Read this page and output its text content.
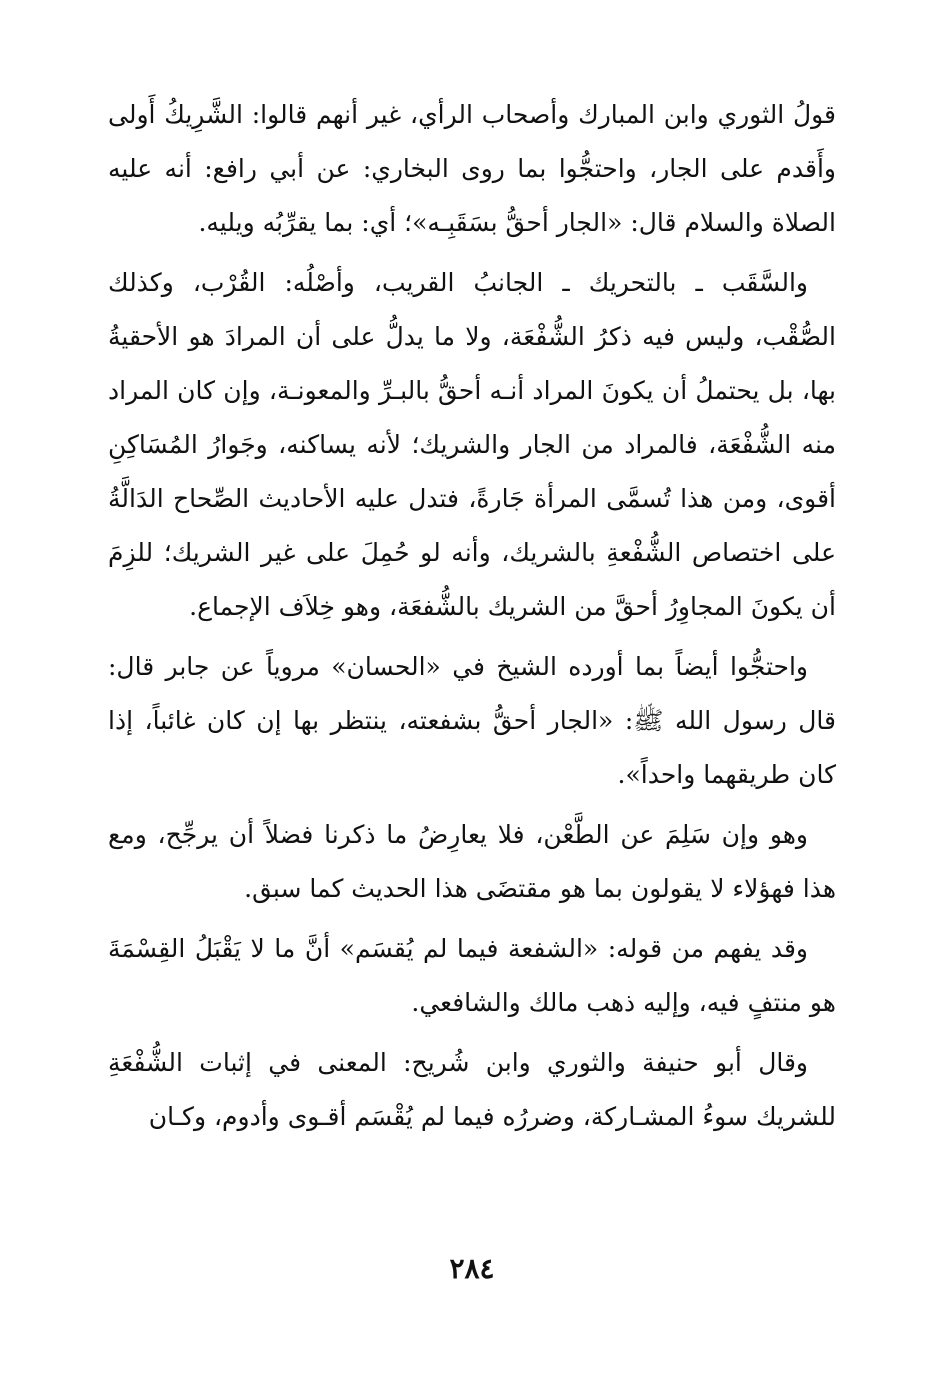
قولُ الثوري وابن المبارك وأصحاب الرأي، غير أنهم قالوا: الشَّرِيكُ أَولى وأَقدم على الجار، واحتجُّوا بما روى البخاري: عن أبي رافع: أنه عليه الصلاة والسلام قال: «الجار أحقُّ بسَقَبِـه»؛ أي: بما يقرِّبُه ويليه.

والسَّقَب ـ بالتحريك ـ الجانبُ القريب، وأصْلُه: القُرْب، وكذلك الصُّقْب، وليس فيه ذكرُ الشُّفْعَة، ولا ما يدلُّ على أن المرادَ هو الأحقيةُ بها، بل يحتملُ أن يكونَ المراد أنـه أحقُّ بالبـرِّ والمعونـة، وإن كان المراد منه الشُّفْعَة، فالمراد من الجار والشريك؛ لأنه يساكنه، وجَوارُ المُسَاكِنِ أقوى، ومن هذا تُسمَّى المرأة جَارةً، فتدل عليه الأحاديث الصِّحاح الدَالَّةُ على اختصاص الشُّفْعةِ بالشريك، وأنه لو حُمِلَ على غير الشريك؛ للزِمَ أن يكونَ المجاوِرُ أحقَّ من الشريك بالشُّفعَة، وهو خِلاَف الإجماع.

واحتجُّوا أيضاً بما أورده الشيخ في «الحسان» مروياً عن جابر قال: قال رسول الله ﷺ: «الجار أحقُّ بشفعته، ينتظر بها إن كان غائباً، إذا كان طريقهما واحداً».

وهو وإن سَلِمَ عن الطَّعْن، فلا يعارِضُ ما ذكرنا فضلاً أن يرجِّح، ومع هذا فهؤلاء لا يقولون بما هو مقتضَى هذا الحديث كما سبق.

وقد يفهم من قوله: «الشفعة فيما لم يُقسَم» أنَّ ما لا يَقْبَلُ القِسْمَةَ هو منتفٍ فيه، وإليه ذهب مالك والشافعي.

وقال أبو حنيفة والثوري وابن شُريح: المعنى في إثبات الشُّفْعَةِ للشريك سوءُ المشـاركة، وضررُه فيما لم يُقْسَم أقـوى وأدوم، وكـان

٢٨٤
